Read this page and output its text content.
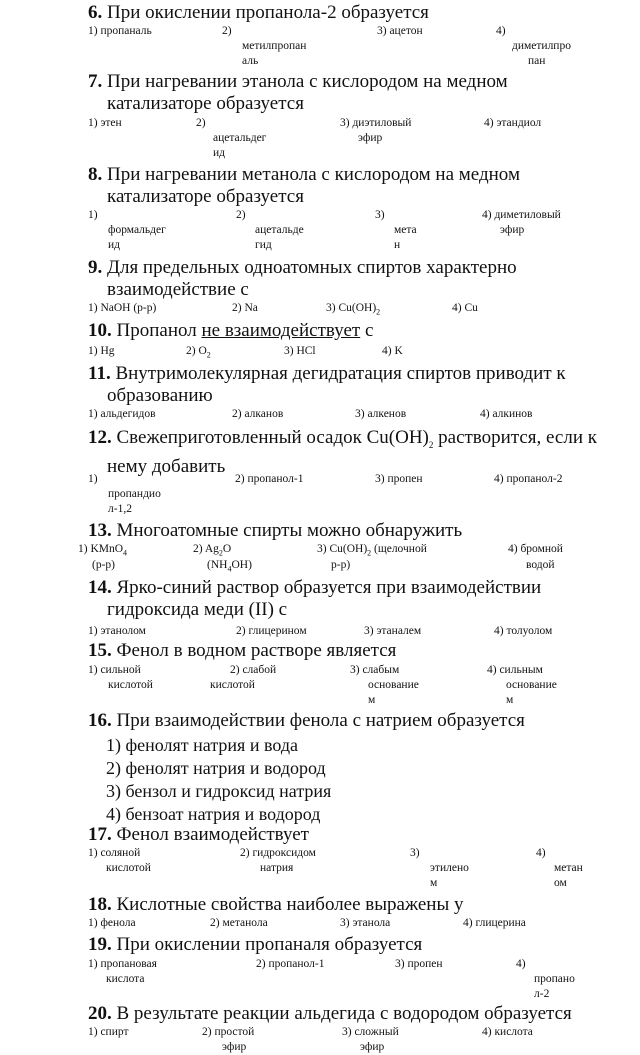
6. При окислении пропанола-2 образуется
1) пропаналь	2)
метилпропан
аль
3) ацетон	4)
диметилпро
пан
7. При нагревании этанола с кислородом на медном
катализаторе образуется
1) этен	2)
ацетальдег
ид
3) диэтиловый
эфир
4) этандиол
8. При нагревании метанола с кислородом на медном
катализаторе образуется
1)
формальдег
ид
2)
ацетальде
гид
3)
мета
н
4) диметиловый
эфир
9. Для предельных одноатомных спиртов характерно
взаимодействие с
1) NaOH (р-р)	2) Na	3) $Cu(OH)_2$	4) Cu
10. Пропанол не взаимодействует с
1) Hg	2) $O_2$	3) HCl	4) K
11. Внутримолекулярная дегидратация спиртов приводит к
образованию
1) альдегидов	2) алканов	3) алкенов	4) алкинов
12. Свежеприготовленный осадок $Cu(OH)_2$ растворится, если к
нему добавить
1)
пропандио
л-1,2
2) пропанол-1	3) пропен	4) пропанол-2
13. Многоатомные спирты можно обнаружить
1) KMnO$_4$
(р-р)
2) $Ag_2O$
$(NH_4OH)$
3) $Cu(OH)_2$ (щелочной
р-р)
4) бромной
водой
14. Ярко-синий раствор образуется при взаимодействии
гидроксида меди (II) с
1) этанолом	2) глицерином	3) этаналем	4) толуолом
15. Фенол в водном растворе является
1) сильной
кислотой
2) слабой
кислотой
3) слабым
основание
м
4) сильным
основание
м
16. При взаимодействии фенола с натрием образуется
1) фенолят натрия и вода
2) фенолят натрия и водород
3) бензол и гидроксид натрия
4) бензоат натрия и водород
17. Фенол взаимодействует
1) соляной
кислотой
2) гидроксидом
натрия
3)
этилено
м
4)
метан
ом
18. Кислотные свойства наиболее выражены у
1) фенола	2) метанола	3) этанола	4) глицерина
19. При окислении пропаналя образуется
1) пропановая
кислота
2) пропанол-1	3) пропен	4)
пропано
л-2
20. В результате реакции альдегида с водородом образуется
1) спирт	2) простой
эфир
3) сложный
эфир
4) кислота
